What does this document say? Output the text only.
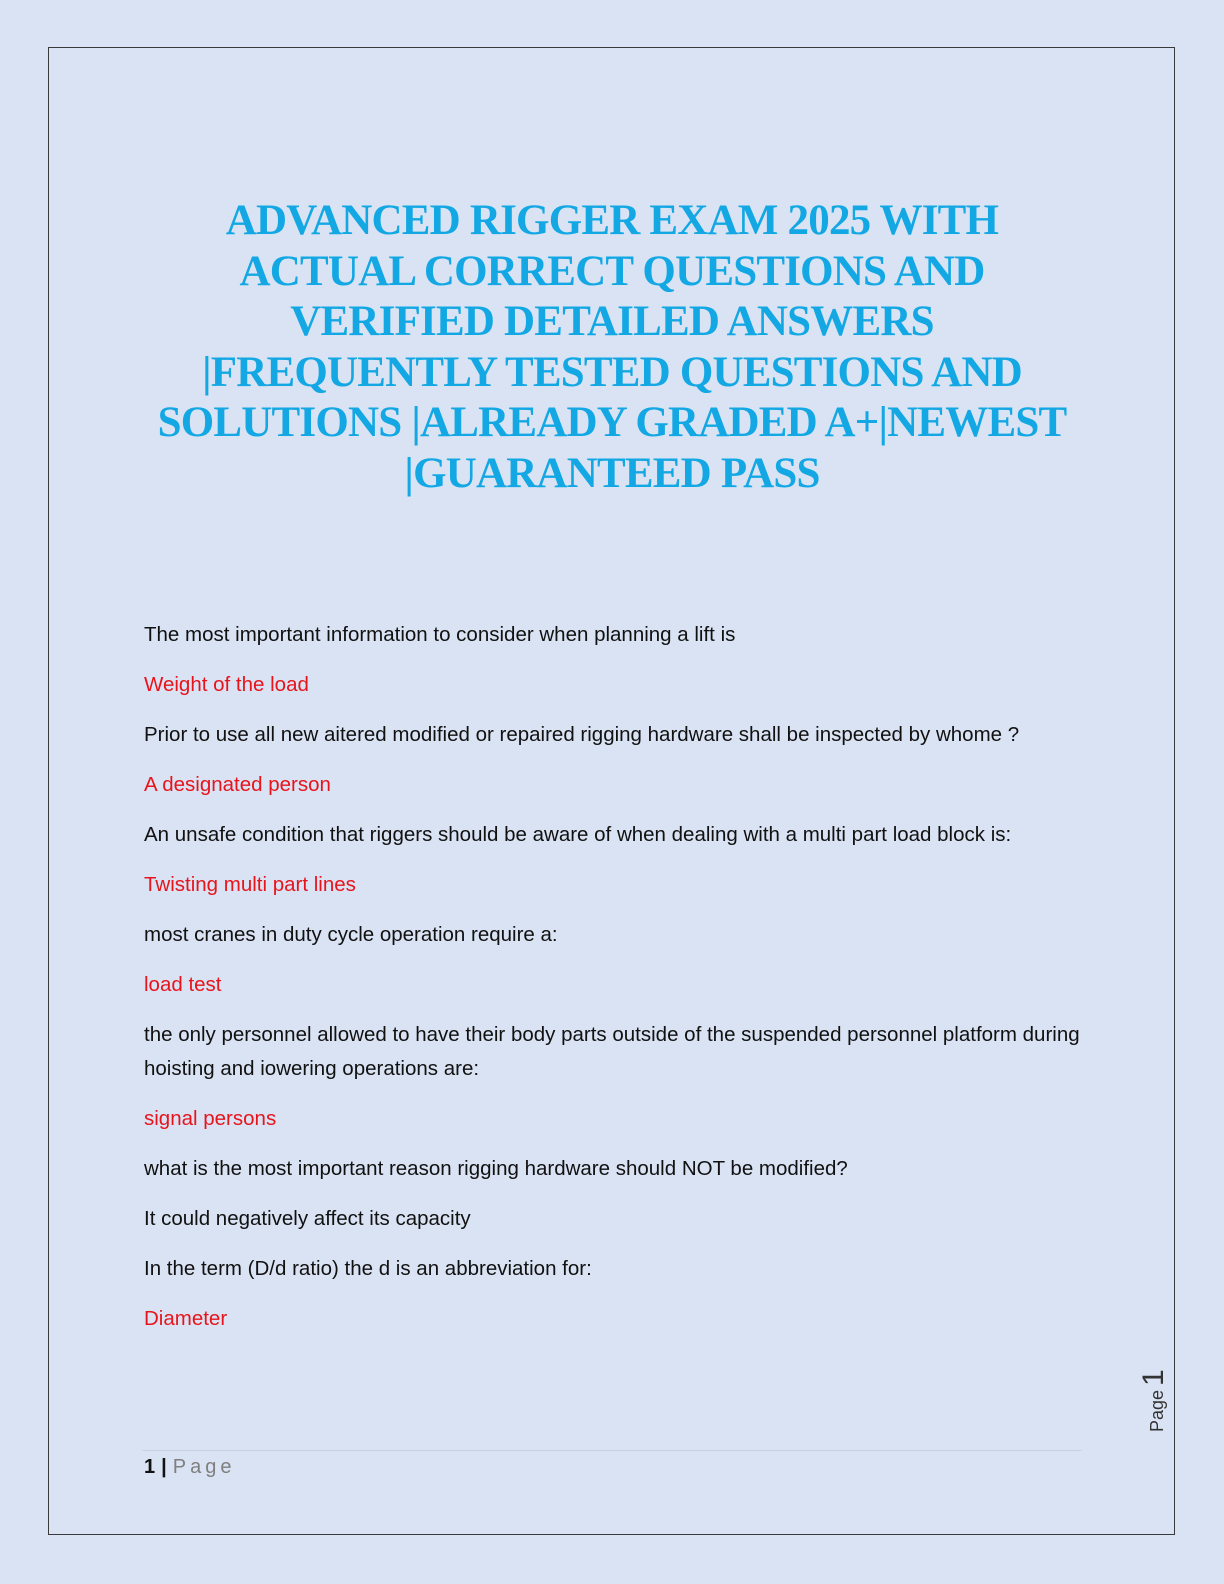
ADVANCED RIGGER EXAM 2025 WITH
ACTUAL CORRECT QUESTIONS AND
VERIFIED DETAILED ANSWERS
|FREQUENTLY TESTED QUESTIONS AND
SOLUTIONS |ALREADY GRADED A+|NEWEST
|GUARANTEED PASS

The most important information to consider when planning a lift is

Weight of the load

Prior to use all new aitered modified or repaired rigging hardware shall be inspected by whome ?

A designated person

An unsafe condition that riggers should be aware of when dealing with a multi part load block is:

Twisting multi part lines

most cranes in duty cycle operation require a:

load test

the only personnel allowed to have their body parts outside of the suspended personnel platform during hoisting and iowering operations are:

signal persons

what is the most important reason rigging hardware should NOT be modified?

It could negatively affect its capacity

In the term (D/d ratio) the d is an abbreviation for:

Diameter

1 | Page
Page1
